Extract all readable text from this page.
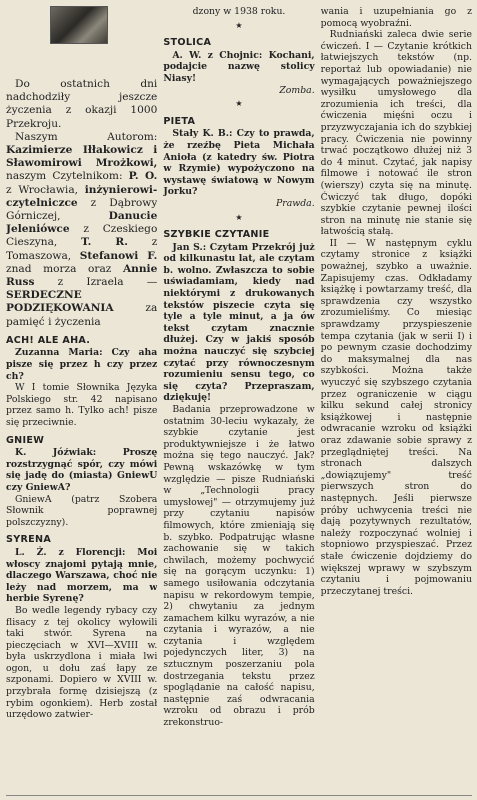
Do ostatnich dni nadchodziły jeszcze życzenia z okazji 1000 Przekroju.

Naszym Autorom: Kazimierze Iłłakowicz i Sławomirowi Mrożkowi, naszym Czytelnikom: P. O. z Wrocławia, inżynierowi-czytelniczce z Dąbrowy Górniczej,	Danucie Jeleniówce z Czeskiego Cieszyna, T. R. z Tomaszowa, Stefanowi F. znad morza oraz Annie Russ z Izraela — SERDECZNE PODZIĘKOWANIA	za pamięć i życzenia

ACH! ALE AHA.

Zuzanna Maria: Czy aha pisze się przez h czy przez ch?

W I tomie Słownika Języka Polskiego str. 42 napisano przez samo h. Tylko ach! pisze się przeciwnie.

GNIEW

K. Jóźwiak: Proszę rozstrzygnąć spór, czy mówi się jadę do (miasta) GniewU czy GniewA?

GniewA (patrz Szobera Słownik poprawnej polszczyzny).

SYRENA

L. Ż. z Florencji: Moi włoscy znajomi pytają mnie, dlaczego Warszawa, choć nie leży nad morzem, ma w herbie Syrenę?

Bo wedle legendy rybacy czy flisacy z tej okolicy wyłowili taki stwór. Syrena na pieczęciach w XVI—XVIII w. była uskrzydlona i miała lwi ogon, u dołu zaś łapy ze szponami. Dopiero w XVIII w. przybrała formę dzisiejszą (z rybim ogonkiem). Herb został urzędowo zatwier-

dzony w 1938 roku.

★
STOLICA

A. W. z Chojnic: Kochani, podajcie nazwę stolicy Niasy!

Zomba.

★
PIETA

Stały K. B.: Czy to prawda, że rzeźbę Pieta Michała Anioła (z katedry św. Piotra w Rzymie) wypożyczono na wystawę światową w Nowym Jorku?

Prawda.

★
SZYBKIE CZYTANIE

Jan S.: Czytam Przekrój już od kilkunastu lat, ale czytam b. wolno. Zwłaszcza to sobie uświadamiam, kiedy nad niektórymi z drukowanych tekstów piszecie czyta się tyle a tyle minut, a ja ów tekst czytam znacznie dłużej. Czy w jakiś sposób można nauczyć się szybciej czytać przy równoczesnym rozumieniu sensu tego, co się czyta? Przepraszam, dziękuję!

Badania przeprowadzone w ostatnim 30-leciu wykazały, że szybkie czytanie jest produktywniejsze i że łatwo można się tego nauczyć. Jak? Pewną wskazówkę w tym względzie — pisze Rudniański w „Technologii pracy umysłowej" — otrzymujemy już przy czytaniu napisów filmowych, które zmieniają się b. szybko. Podpatrując własne zachowanie się w takich chwilach, możemy pochwycić się na gorącym uczynku: 1) samego usiłowania odczytania napisu w rekordowym tempie, 2) chwytaniu za jednym zamachem kilku wyrazów, a nie czytania i wyrazów, a nie czytania i względem pojedynczych liter, 3) na sztucznym poszerzaniu pola dostrzegania tekstu przez spoglądanie na całość napisu, następnie zaś odwracania wzroku od obrazu i prób zrekonstruo-

wania i uzupełniania go z pomocą wyobraźni.

Rudniański zaleca dwie serie ćwiczeń. I — Czytanie krótkich łatwiejszych tekstów (np. reportaż lub opowiadanie) nie wymagających poważniejszego wysiłku umysłowego dla zrozumienia ich treści, dla ćwiczenia mięśni oczu i przyzwyczajania ich do szybkiej pracy. Ćwiczenia nie powinny trwać początkowo dłużej niż 3 do 4 minut. Czytać, jak napisy filmowe i notować ile stron (wierszy) czyta się na minutę. Ćwiczyć tak długo, dopóki szybkie czytanie pewnej ilości stron na minutę nie stanie się łatwością stałą.

II — W następnym cyklu czytamy stronice z książki poważnej, szybko a uważnie. Zapisujemy czas. Odkładamy książkę i powtarzamy treść, dla sprawdzenia czy wszystko zrozumieliśmy. Co miesiąc sprawdzamy przyspieszenie tempa czytania (jak w serii I) i po pewnym czasie dochodzimy do maksymalnej dla nas szybkości. Można także wyuczyć się szybszego czytania przez ograniczenie w ciągu kilku sekund całej stronicy książkowej i następnie odwracanie wzroku od książki oraz zdawanie sobie sprawy z przeglądniętej treści. Na stronach dalszych „dowiązujemy" treść pierwszych stron do następnych. Jeśli pierwsze próby uchwycenia treści nie dają pozytywnych rezultatów, należy rozpoczynać wolniej i stopniowo przyspieszać. Przez stałe ćwiczenie dojdziemy do większej wprawy w szybszym czytaniu i pojmowaniu przeczytanej treści.
